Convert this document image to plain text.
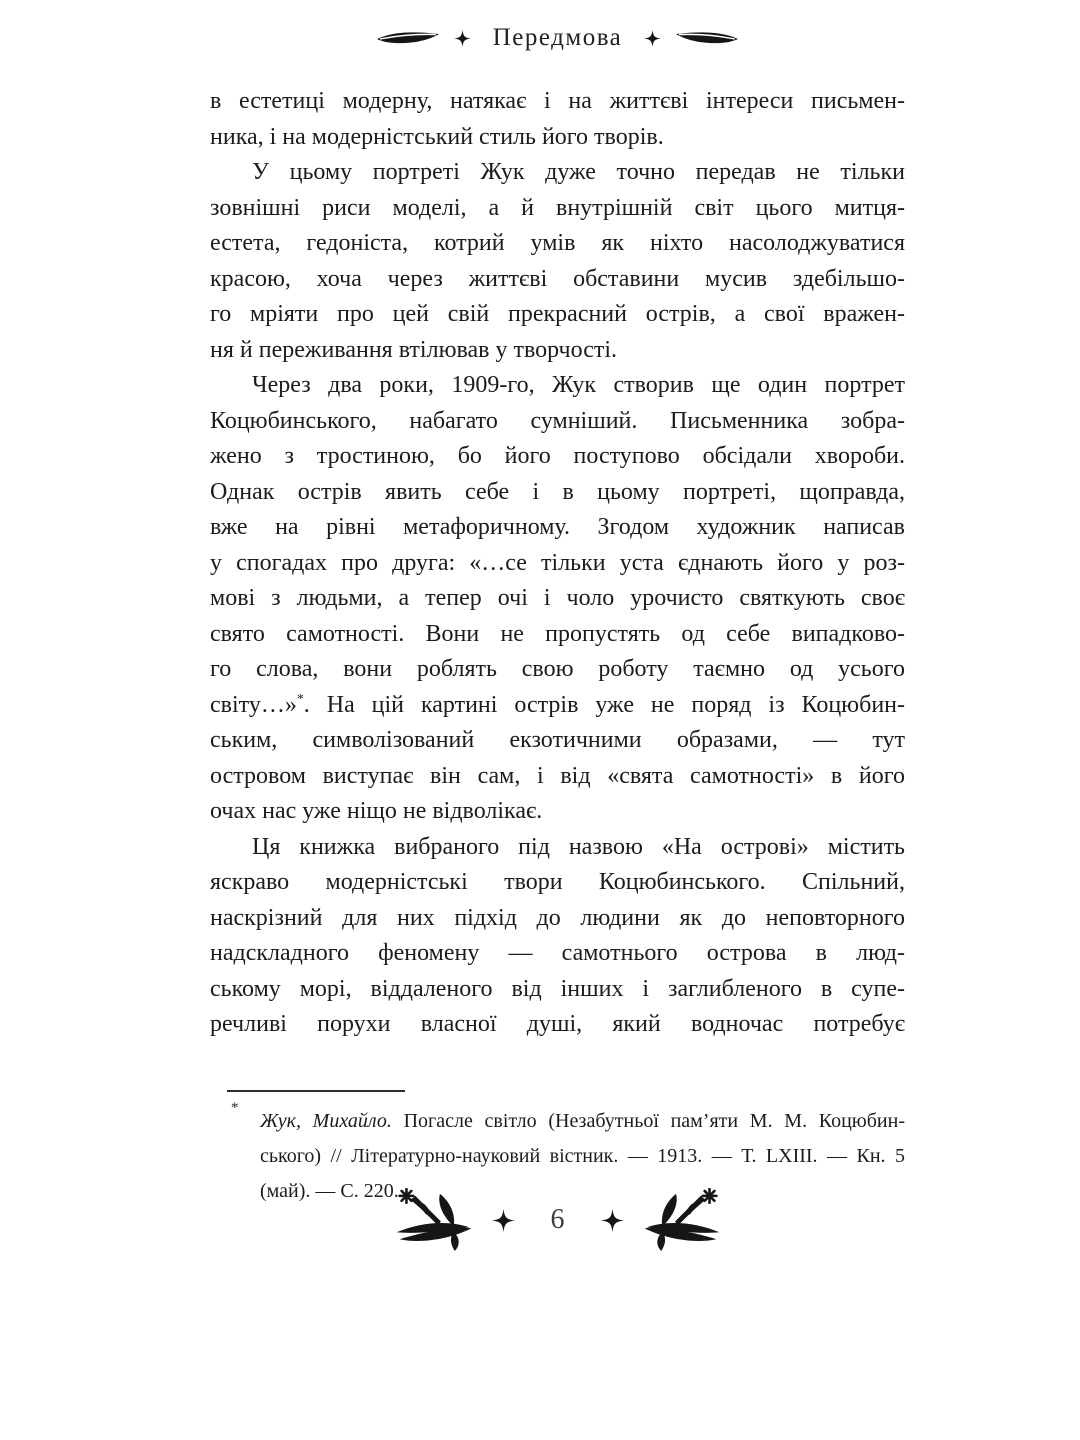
Передмова
в естетиці модерну, натякає і на життєві інтереси письмен-
ника, і на модерністський стиль його творів.
У цьому портреті Жук дуже точно передав не тільки
зовнішні риси моделі, а й внутрішній світ цього митця-
естета, гедоніста, котрий умів як ніхто насолоджуватися
красою, хоча через життєві обставини мусив здебільшо-
го мріяти про цей свій прекрасний острів, а свої вражен-
ня й переживання втілював у творчості.
Через два роки, 1909-го, Жук створив ще один портрет
Коцюбинського, набагато сумніший. Письменника зобра-
жено з тростиною, бо його поступово обсідали хвороби.
Однак острів явить себе і в цьому портреті, щоправда,
вже на рівні метафоричному. Згодом художник написав
у спогадах про друга: «…се тільки уста єднають його у роз-
мові з людьми, а тепер очі і чоло урочисто святкують своє
свято самотності. Вони не пропустять од себе випадково-
го слова, вони роблять свою роботу таємно од усього
світу…»*. На цій картині острів уже не поряд із Коцюбин-
ським, символізований екзотичними образами, — тут
островом виступає він сам, і від «свята самотності» в його
очах нас уже ніщо не відволікає.
Ця книжка вибраного під назвою «На острові» містить
яскраво модерністські твори Коцюбинського. Спільний,
наскрізний для них підхід до людини як до неповторного
надскладного феномену — самотнього острова в люд-
ському морі, віддаленого від інших і заглибленого в супе-
речливі порухи власної душі, який водночас потребує
*
Жук, Михайло. Погасле світло (Незабутньої пам’яти М. М. Коцюбин-
ського) // Літературно-науковий вістник. — 1913. — Т. LXIII. — Кн. 5
(май). — С. 220.
6
